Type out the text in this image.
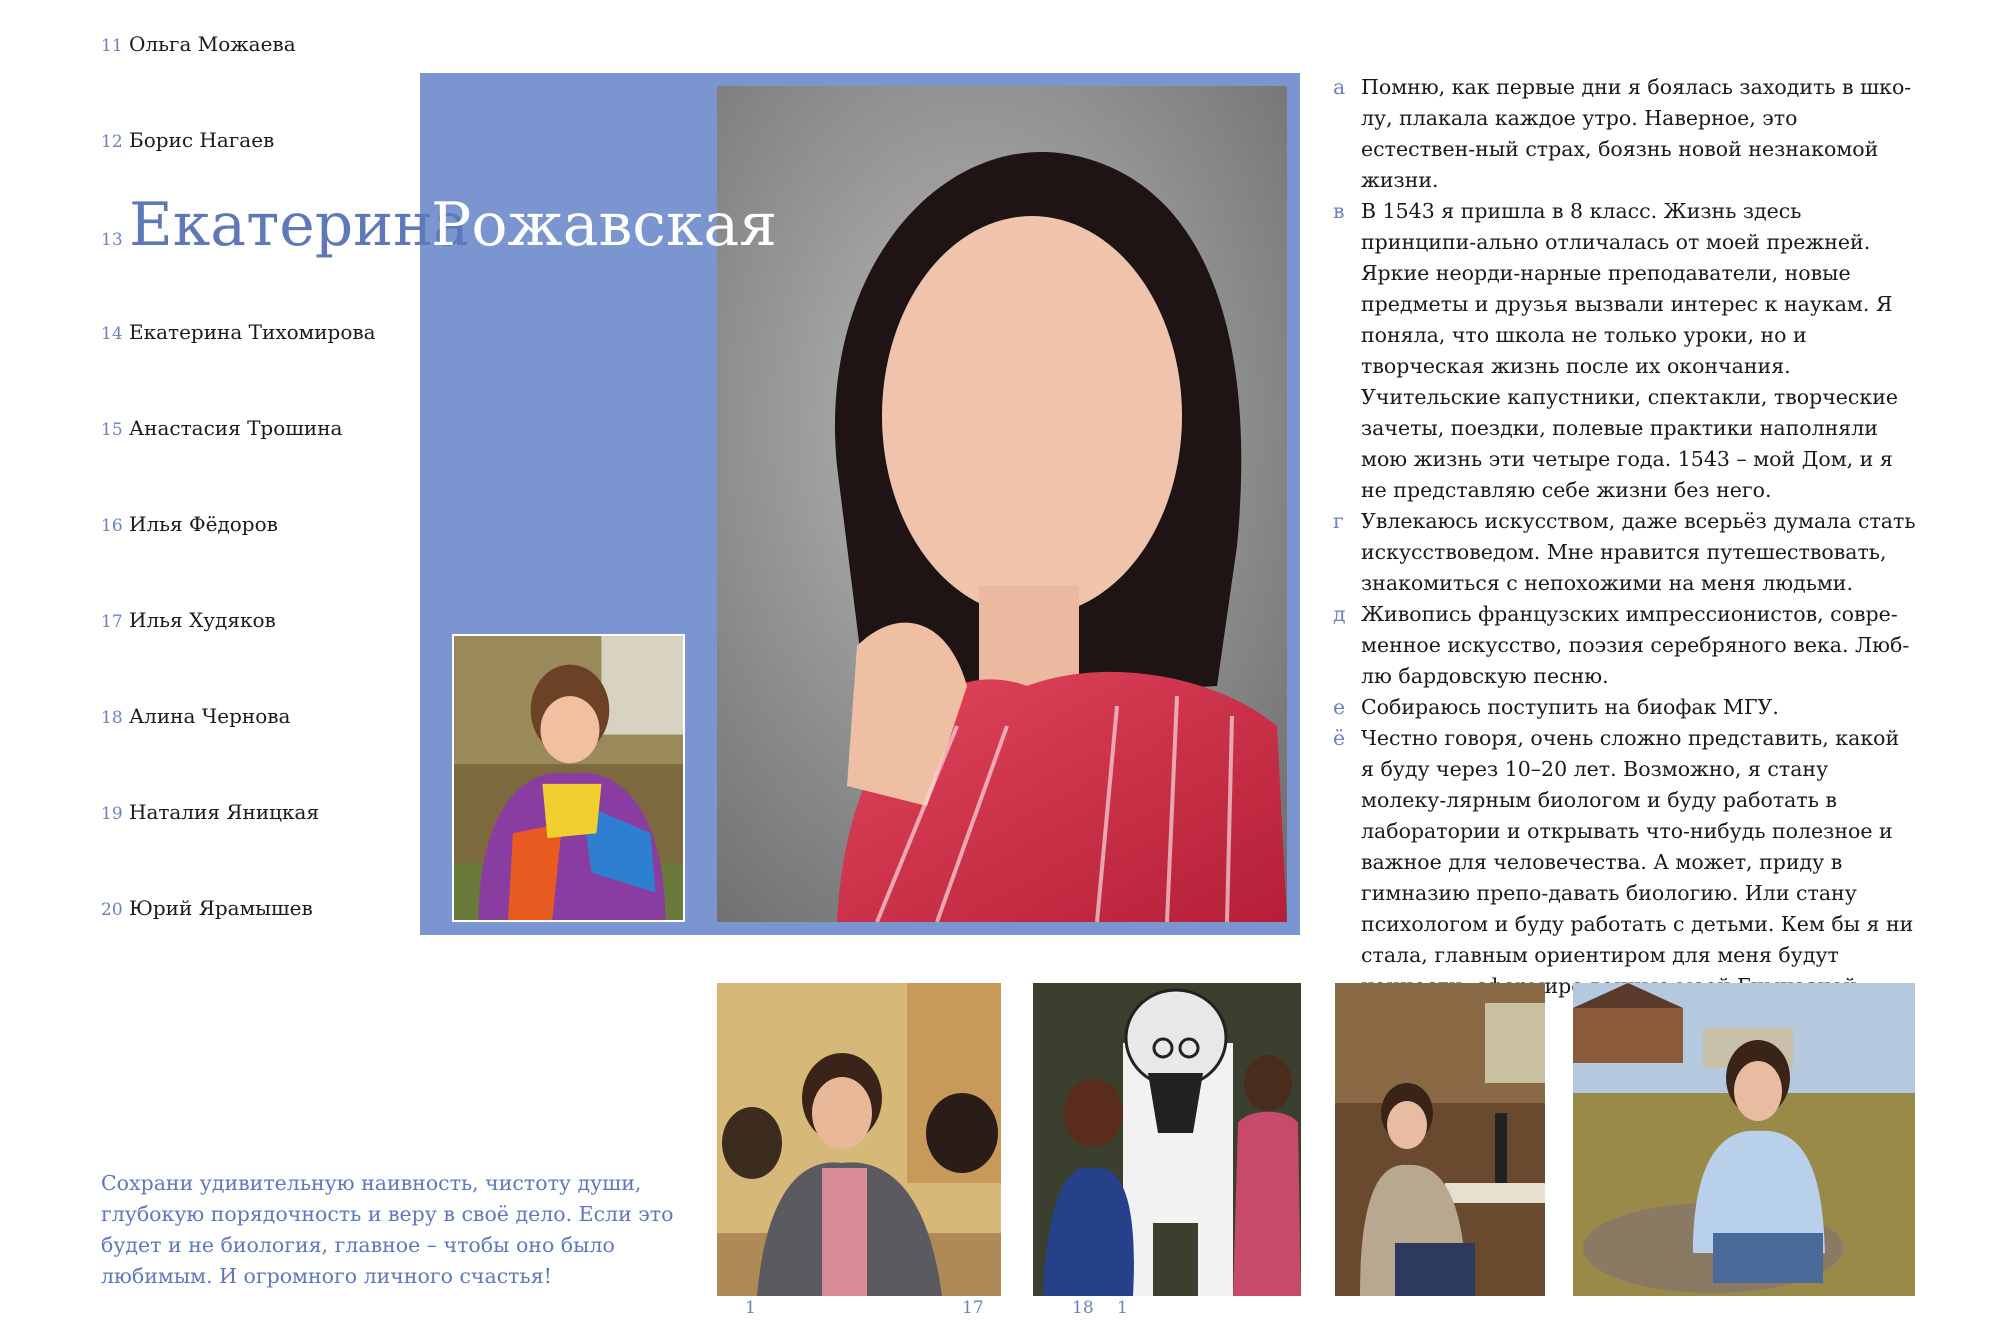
11 Ольга Можаева
12 Борис Нагаев
14 Екатерина Тихомирова
15 Анастасия Трошина
16 Илья Фёдоров
17 Илья Худяков
18 Алина Чернова
19 Наталия Яницкая
20 Юрий Ярамышев
13 Екатерина
Рожавская

а Помню, как первые дни я боялась заходить в шко-лу, плакала каждое утро. Наверное, это естествен-ный страх, боязнь новой незнакомой жизни.

в В 1543 я пришла в 8 класс. Жизнь здесь принципи-ально отличалась от моей прежней. Яркие неорди-нарные преподаватели, новые предметы и друзья вызвали интерес к наукам. Я поняла, что школа не только уроки, но и творческая жизнь после их окончания. Учительские капустники, спектакли, творческие зачеты, поездки, полевые практики наполняли мою жизнь эти четыре года. 1543 – мой Дом, и я не представляю себе жизни без него.

г Увлекаюсь искусством, даже всерьёз думала стать искусствоведом. Мне нравится путешествовать, знакомиться с непохожими на меня людьми.

д Живопись французских импрессионистов, совре-менное искусство, поэзия серебряного века. Люб-лю бардовскую песню.

е Собираюсь поступить на биофак МГУ.

ё Честно говоря, очень сложно представить, какой я буду через 10–20 лет. Возможно, я стану молеку-лярным биологом и буду работать в лаборатории и открывать что-нибудь полезное и важное для человечества. А может, приду в гимназию препо-давать биологию. Или стану психологом и буду работать с детьми. Кем бы я ни стала, главным ориентиром для меня будут сформиро-ванные

Сохрани удивительную наивность, чистоту души, глубокую порядочность и веру в своё дело. Если это будет и не биология, главное – чтобы оно было любимым. И огромного личного счастья!
1	17	18 1
